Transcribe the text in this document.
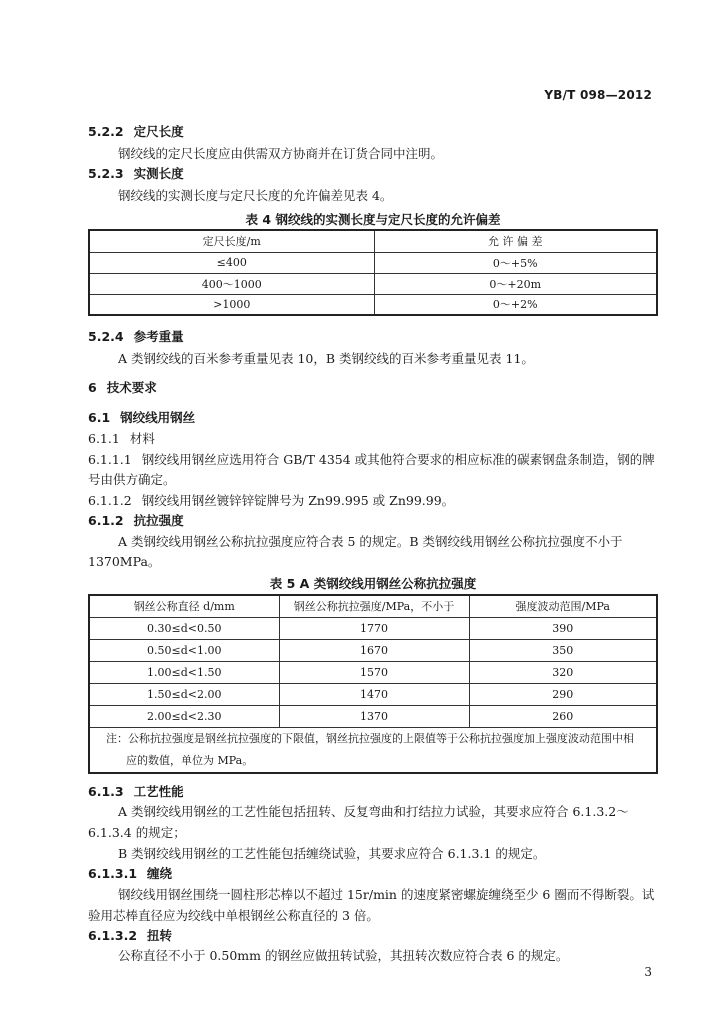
YB/T 098—2012
5.2.2 定尺长度
钢绞线的定尺长度应由供需双方协商并在订货合同中注明。
5.2.3 实测长度
钢绞线的实测长度与定尺长度的允许偏差见表 4。
表 4 钢绞线的实测长度与定尺长度的允许偏差
定尺长度/m	允 许 偏 差
≤400	0～+5%
400～1000	0～+20m
>1000	0～+2%
5.2.4 参考重量
A 类钢绞线的百米参考重量见表 10，B 类钢绞线的百米参考重量见表 11。
6 技术要求
6.1 钢绞线用钢丝
6.1.1 材料
6.1.1.1 钢绞线用钢丝应选用符合 GB/T 4354 或其他符合要求的相应标准的碳素钢盘条制造，钢的牌
号由供方确定。
6.1.1.2 钢绞线用钢丝镀锌锌锭牌号为 Zn99.995 或 Zn99.99。
6.1.2 抗拉强度
A 类钢绞线用钢丝公称抗拉强度应符合表 5 的规定。B 类钢绞线用钢丝公称抗拉强度不小于
1370MPa。
表 5 A 类钢绞线用钢丝公称抗拉强度
钢丝公称直径 d/mm	钢丝公称抗拉强度/MPa，不小于	强度波动范围/MPa
0.30≤d<0.50	1770	390
0.50≤d<1.00	1670	350
1.00≤d<1.50	1570	320
1.50≤d<2.00	1470	290
2.00≤d<2.30	1370	260

注：公称抗拉强度是钢丝抗拉强度的下限值，钢丝抗拉强度的上限值等于公称抗拉强度加上强度波动范围中相
应的数值，单位为 MPa。		
6.1.3 工艺性能
A 类钢绞线用钢丝的工艺性能包括扭转、反复弯曲和打结拉力试验，其要求应符合 6.1.3.2～
6.1.3.4 的规定；
B 类钢绞线用钢丝的工艺性能包括缠绕试验，其要求应符合 6.1.3.1 的规定。
6.1.3.1 缠绕
钢绞线用钢丝围绕一圆柱形芯棒以不超过 15r/min 的速度紧密螺旋缠绕至少 6 圈而不得断裂。试
验用芯棒直径应为绞线中单根钢丝公称直径的 3 倍。
6.1.3.2 扭转
公称直径不小于 0.50mm 的钢丝应做扭转试验，其扭转次数应符合表 6 的规定。
3
